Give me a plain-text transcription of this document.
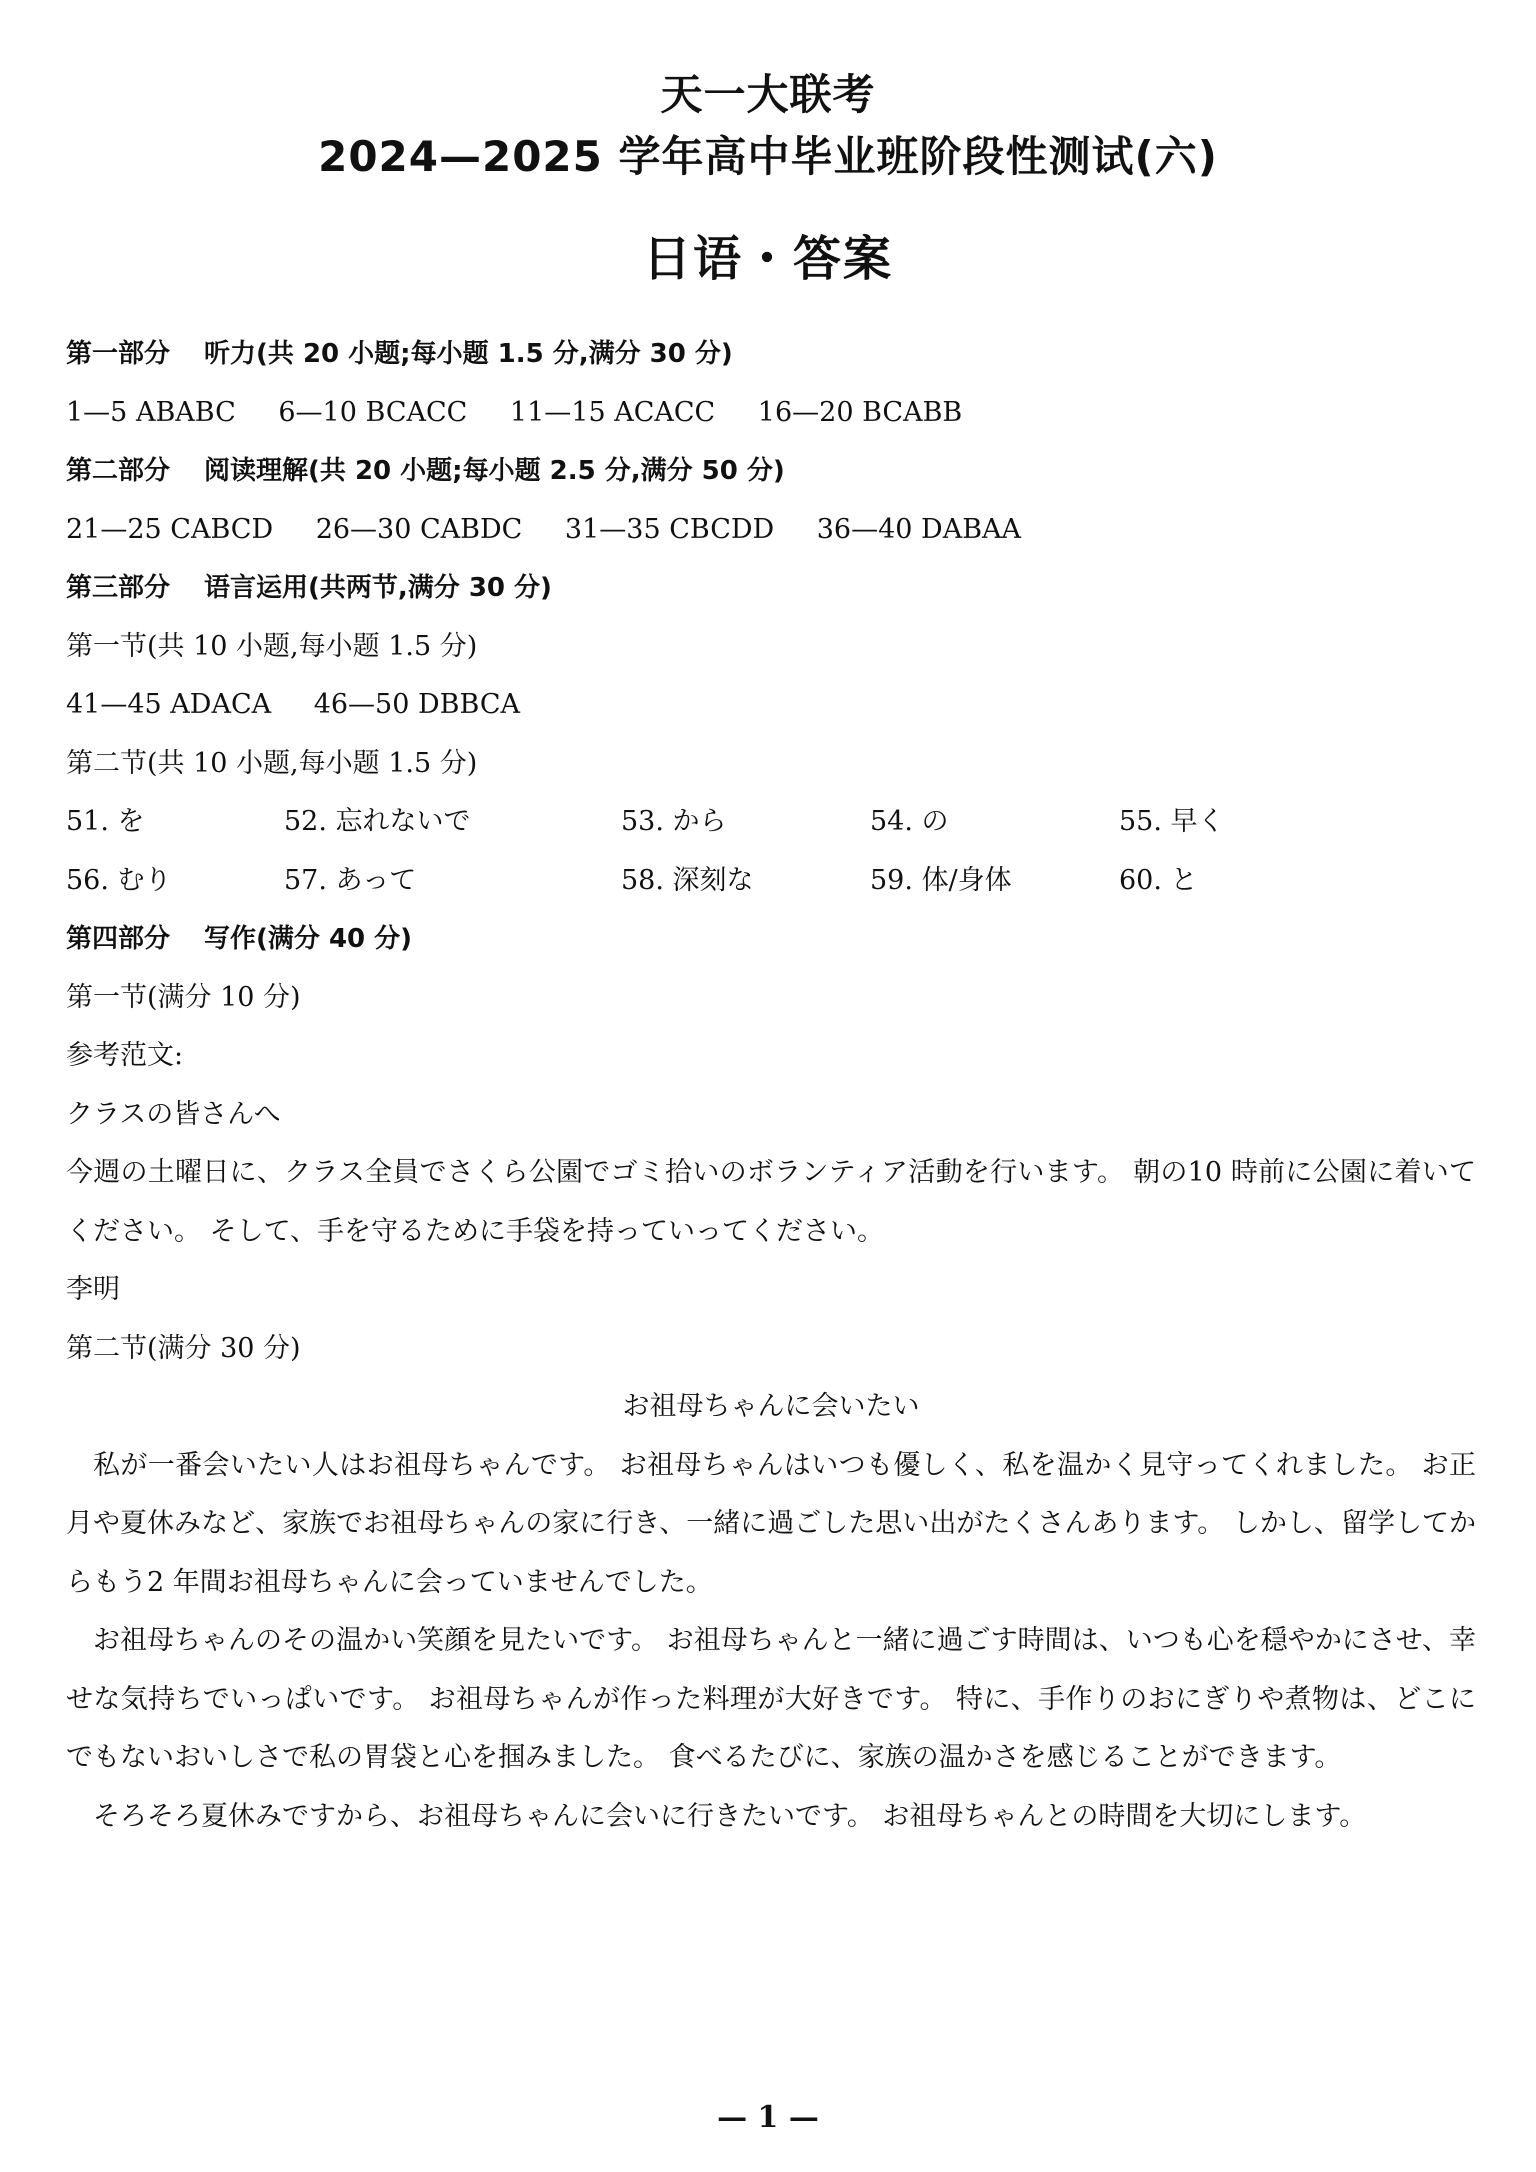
天一大联考
2024—2025 学年高中毕业班阶段性测试(六)
日语・答案
第一部分 听力(共 20 小题;每小题 1.5 分,满分 30 分)
1—5 ABABC 6—10 BCACC 11—15 ACACC 16—20 BCABB
第二部分 阅读理解(共 20 小题;每小题 2.5 分,满分 50 分)
21—25 CABCD 26—30 CABDC 31—35 CBCDD 36—40 DABAA
第三部分 语言运用(共两节,满分 30 分)
第一节(共 10 小题,每小题 1.5 分)
41—45 ADACA 46—50 DBBCA
第二节(共 10 小题,每小题 1.5 分)
51. を	52. 忘れないで	53. から	54. の	55. 早く
56. むり	57. あって	58. 深刻な	59. 体/身体	60. と
第四部分 写作(满分 40 分)
第一节(满分 10 分)
参考范文:
クラスの皆さんへ
今週の土曜日に、クラス全員でさくら公園でゴミ拾いのボランティア活動を行います。 朝の10 時前に公園に着いてください。 そして、手を守るために手袋を持っていってください。
李明
第二节(满分 30 分)
お祖母ちゃんに会いたい
私が一番会いたい人はお祖母ちゃんです。 お祖母ちゃんはいつも優しく、私を温かく見守ってくれました。 お正月や夏休みなど、家族でお祖母ちゃんの家に行き、一緒に過ごした思い出がたくさんあります。 しかし、留学してからもう2 年間お祖母ちゃんに会っていませんでした。
お祖母ちゃんのその温かい笑顔を見たいです。 お祖母ちゃんと一緒に過ごす時間は、いつも心を穏やかにさせ、幸せな気持ちでいっぱいです。 お祖母ちゃんが作った料理が大好きです。 特に、手作りのおにぎりや煮物は、どこにでもないおいしさで私の胃袋と心を掴みました。 食べるたびに、家族の温かさを感じることができます。
そろそろ夏休みですから、お祖母ちゃんに会いに行きたいです。 お祖母ちゃんとの時間を大切にします。
— 1 —
